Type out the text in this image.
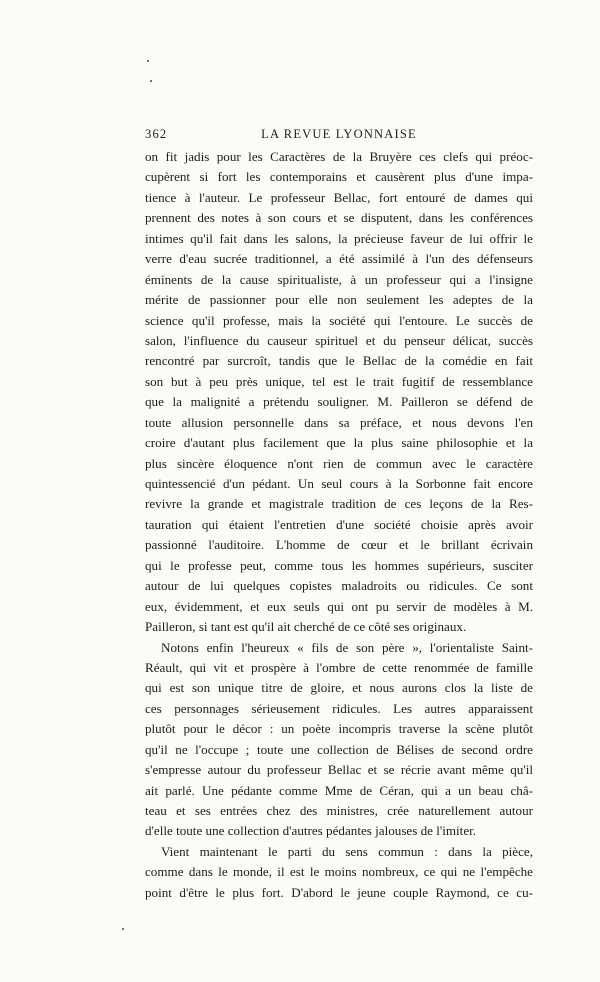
362	LA REVUE LYONNAISE
on fit jadis pour les Caractères de la Bruyère ces clefs qui préoc-
cupèrent si fort les contemporains et causèrent plus d'une impa-
tience à l'auteur. Le professeur Bellac, fort entouré de dames qui
prennent des notes à son cours et se disputent, dans les conférences
intimes qu'il fait dans les salons, la précieuse faveur de lui offrir le
verre d'eau sucrée traditionnel, a été assimilé à l'un des défenseurs
éminents de la cause spiritualiste, à un professeur qui a l'insigne
mérite de passionner pour elle non seulement les adeptes de la
science qu'il professe, mais la société qui l'entoure. Le succès de
salon, l'influence du causeur spirituel et du penseur délicat, succès
rencontré par surcroît, tandis que le Bellac de la comédie en fait
son but à peu près unique, tel est le trait fugitif de ressemblance
que la malignité a prétendu souligner. M. Pailleron se défend de
toute allusion personnelle dans sa préface, et nous devons l'en
croire d'autant plus facilement que la plus saine philosophie et la
plus sincère éloquence n'ont rien de commun avec le caractère
quintessencié d'un pédant. Un seul cours à la Sorbonne fait encore
revivre la grande et magistrale tradition de ces leçons de la Res-
tauration qui étaient l'entretien d'une société choisie après avoir
passionné l'auditoire. L'homme de cœur et le brillant écrivain
qui le professe peut, comme tous les hommes supérieurs, susciter
autour de lui quelques copistes maladroits ou ridicules. Ce sont
eux, évidemment, et eux seuls qui ont pu servir de modèles à M.
Pailleron, si tant est qu'il ait cherché de ce côté ses originaux.
Notons enfin l'heureux « fils de son père », l'orientaliste Saint-
Réault, qui vit et prospère à l'ombre de cette renommée de famille
qui est son unique titre de gloire, et nous aurons clos la liste de
ces personnages sérieusement ridicules. Les autres apparaissent
plutôt pour le décor : un poète incompris traverse la scène plutôt
qu'il ne l'occupe ; toute une collection de Bélises de second ordre
s'empresse autour du professeur Bellac et se récrie avant même qu'il
ait parlé. Une pédante comme Mme de Céran, qui a un beau châ-
teau et ses entrées chez des ministres, crée naturellement autour
d'elle toute une collection d'autres pédantes jalouses de l'imiter.
Vient maintenant le parti du sens commun : dans la pièce,
comme dans le monde, il est le moins nombreux, ce qui ne l'empêche
point d'être le plus fort. D'abord le jeune couple Raymond, ce cu-
